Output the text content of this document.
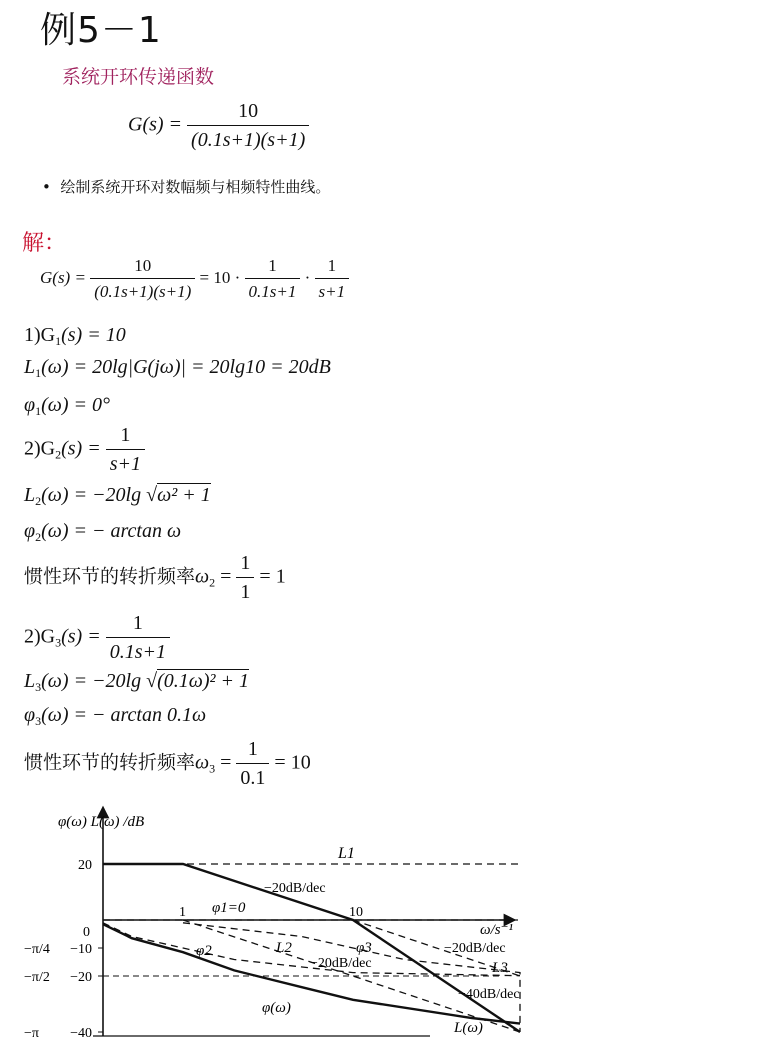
例5－1
系统开环传递函数
$G(s) = \frac{10}{(0.1s+1)(s+1)}$
•  绘制系统开环对数幅频与相频特性曲线。
解：
$G(s) = \frac{10}{(0.1s+1)(s+1)} = 10 \cdot \frac{1}{0.1s+1} \cdot \frac{1}{s+1}$
$1)G_1(s) = 10$
$L_1(\omega) = 20\lg|G(j\omega)| = 20\lg 10 = 20dB$
$\varphi_1(\omega) = 0^\circ$
$2)G_2(s) = \frac{1}{s+1}$
$L_2(\omega) = -20\lg$ √ω² + 1
$\varphi_2(\omega)$ = − arctan ω
惯性环节的转折频率$\omega_2 = \frac{1}{1} = 1$
$2)G_3(s) = \frac{1}{0.1s+1}$
$L_3(\omega) = -20\lg$ √(0.1ω)² + 1
$\varphi_3(\omega)$ = − arctan 0.1ω
惯性环节的转折频率$\omega_3 = \frac{1}{0.1} = 10$
φ(ω) L(ω) /dB
ω/s⁻¹
0
20
−10
−20
−40
−π/4
−π/2
−π
1	10
L1
L2
L3
L(ω)
φ1=0
φ2	φ3
φ(ω)
−20dB/dec
−20dB/dec
−20dB/dec
−40dB/dec
